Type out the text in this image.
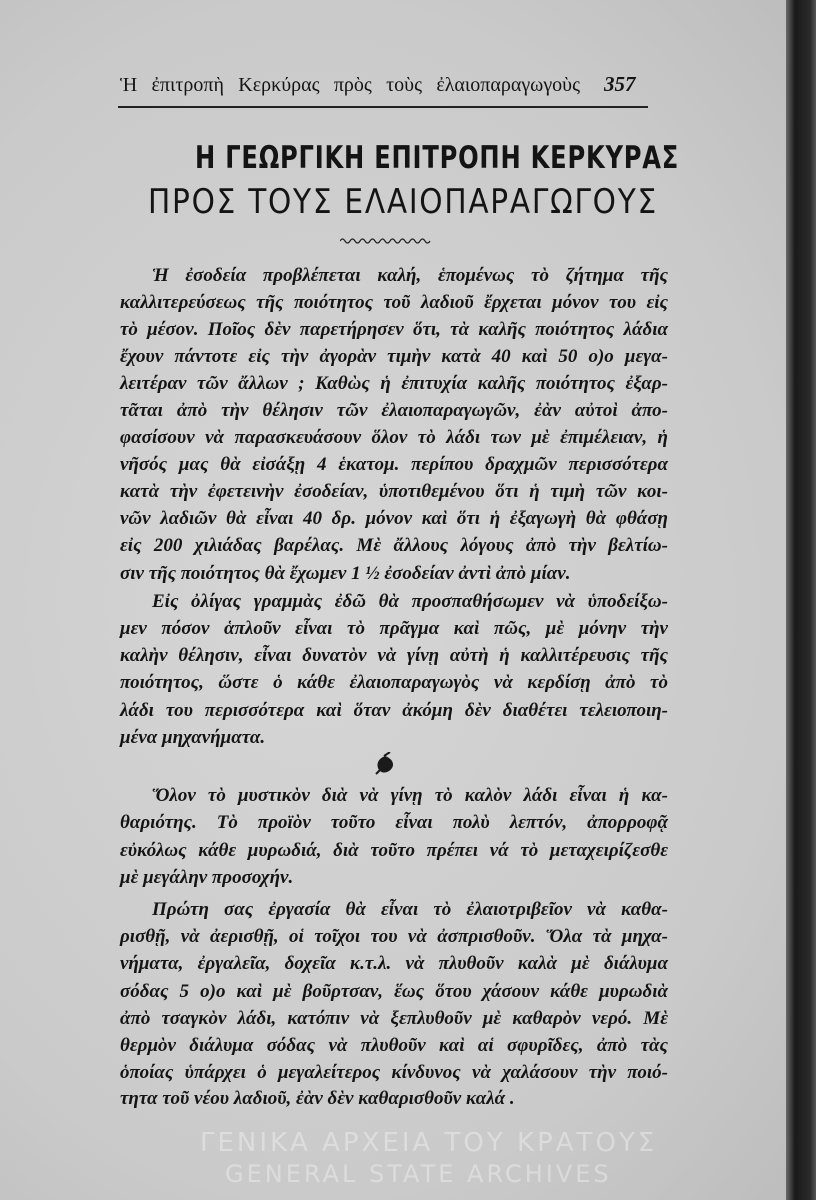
ΓΕΝΙΚΑ ΑΡΧΕΙΑ ΤΟΥ ΚΡΑΤΟΥΣ
GENERAL STATE ARCHIVES
Ἡ ἐπιτροπὴ Κερκύρας πρὸς τοὺς ἐλαιοπαραγωγοὺς 357
Η ΓΕΩΡΓΙΚΗ ΕΠΙΤΡΟΠΗ ΚΕΡΚΥΡΑΣ
ΠΡΟΣ ΤΟΥΣ ΕΛΑΙΟΠΑΡΑΓΩΓΟΥΣ
Ἡ ἐσοδεία προβλέπεται καλή, ἑπομένως τὸ ζήτημα τῆς
καλλιτερεύσεως τῆς ποιότητος τοῦ λαδιοῦ ἔρχεται μόνον του εἰς
τὸ μέσον. Ποῖος δὲν παρετήρησεν ὅτι, τὰ καλῆς ποιότητος λάδια
ἔχουν πάντοτε εἰς τὴν ἀγορὰν τιμὴν κατὰ 40 καὶ 50 ο)ο μεγα-
λειτέραν τῶν ἄλλων ; Καθὼς ἡ ἐπιτυχία καλῆς ποιότητος ἐξαρ-
τᾶται ἀπὸ τὴν θέλησιν τῶν ἐλαιοπαραγωγῶν, ἐὰν αὐτοὶ ἀπο-
φασίσουν νὰ παρασκευάσουν ὅλον τὸ λάδι των μὲ ἐπιμέλειαν, ἡ
νῆσός μας θὰ εἰσάξῃ 4 ἑκατομ. περίπου δραχμῶν περισσότερα
κατὰ τὴν ἐφετεινὴν ἐσοδείαν, ὑποτιθεμένου ὅτι ἡ τιμὴ τῶν κοι-
νῶν λαδιῶν θὰ εἶναι 40 δρ. μόνον καὶ ὅτι ἡ ἐξαγωγὴ θὰ φθάσῃ
εἰς 200 χιλιάδας βαρέλας. Μὲ ἄλλους λόγους ἀπὸ τὴν βελτίω-
σιν τῆς ποιότητος θὰ ἔχωμεν 1 ½ ἐσοδείαν ἀντὶ ἀπὸ μίαν.
Εἰς ὀλίγας γραμμὰς ἐδῶ θὰ προσπαθήσωμεν νὰ ὑποδείξω-
μεν πόσον ἁπλοῦν εἶναι τὸ πρᾶγμα καὶ πῶς, μὲ μόνην τὴν
καλὴν θέλησιν, εἶναι δυνατὸν νὰ γίνῃ αὐτὴ ἡ καλλιτέρευσις τῆς
ποιότητος, ὥστε ὁ κάθε ἐλαιοπαραγωγὸς νὰ κερδίσῃ ἀπὸ τὸ
λάδι του περισσότερα καὶ ὅταν ἀκόμη δὲν διαθέτει τελειοποιη-
μένα μηχανήματα.
Ὅλον τὸ μυστικὸν διὰ νὰ γίνῃ τὸ καλὸν λάδι εἶναι ἡ κα-
θαριότης. Τὸ προϊὸν τοῦτο εἶναι πολὺ λεπτόν, ἀπορροφᾷ
εὐκόλως κάθε μυρωδιά, διὰ τοῦτο πρέπει νά τὸ μεταχειρίζεσθε
μὲ μεγάλην προσοχήν.
Πρώτη σας ἐργασία θὰ εἶναι τὸ ἐλαιοτριβεῖον νὰ καθα-
ρισθῇ, νὰ ἀερισθῇ, οἱ τοῖχοι του νὰ ἀσπρισθοῦν. Ὅλα τὰ μηχα-
νήματα, ἐργαλεῖα, δοχεῖα κ.τ.λ. νὰ πλυθοῦν καλὰ μὲ διάλυμα
σόδας 5 ο)ο καὶ μὲ βοῦρτσαν, ἕως ὅτου χάσουν κάθε μυρωδιὰ
ἀπὸ τσαγκὸν λάδι, κατόπιν νὰ ξεπλυθοῦν μὲ καθαρὸν νερό. Μὲ
θερμὸν διάλυμα σόδας νὰ πλυθοῦν καὶ αἱ σφυρῖδες, ἀπὸ τὰς
ὁποίας ὑπάρχει ὁ μεγαλείτερος κίνδυνος νὰ χαλάσουν τὴν ποιό-
τητα τοῦ νέου λαδιοῦ, ἐὰν δὲν καθαρισθοῦν καλά .
